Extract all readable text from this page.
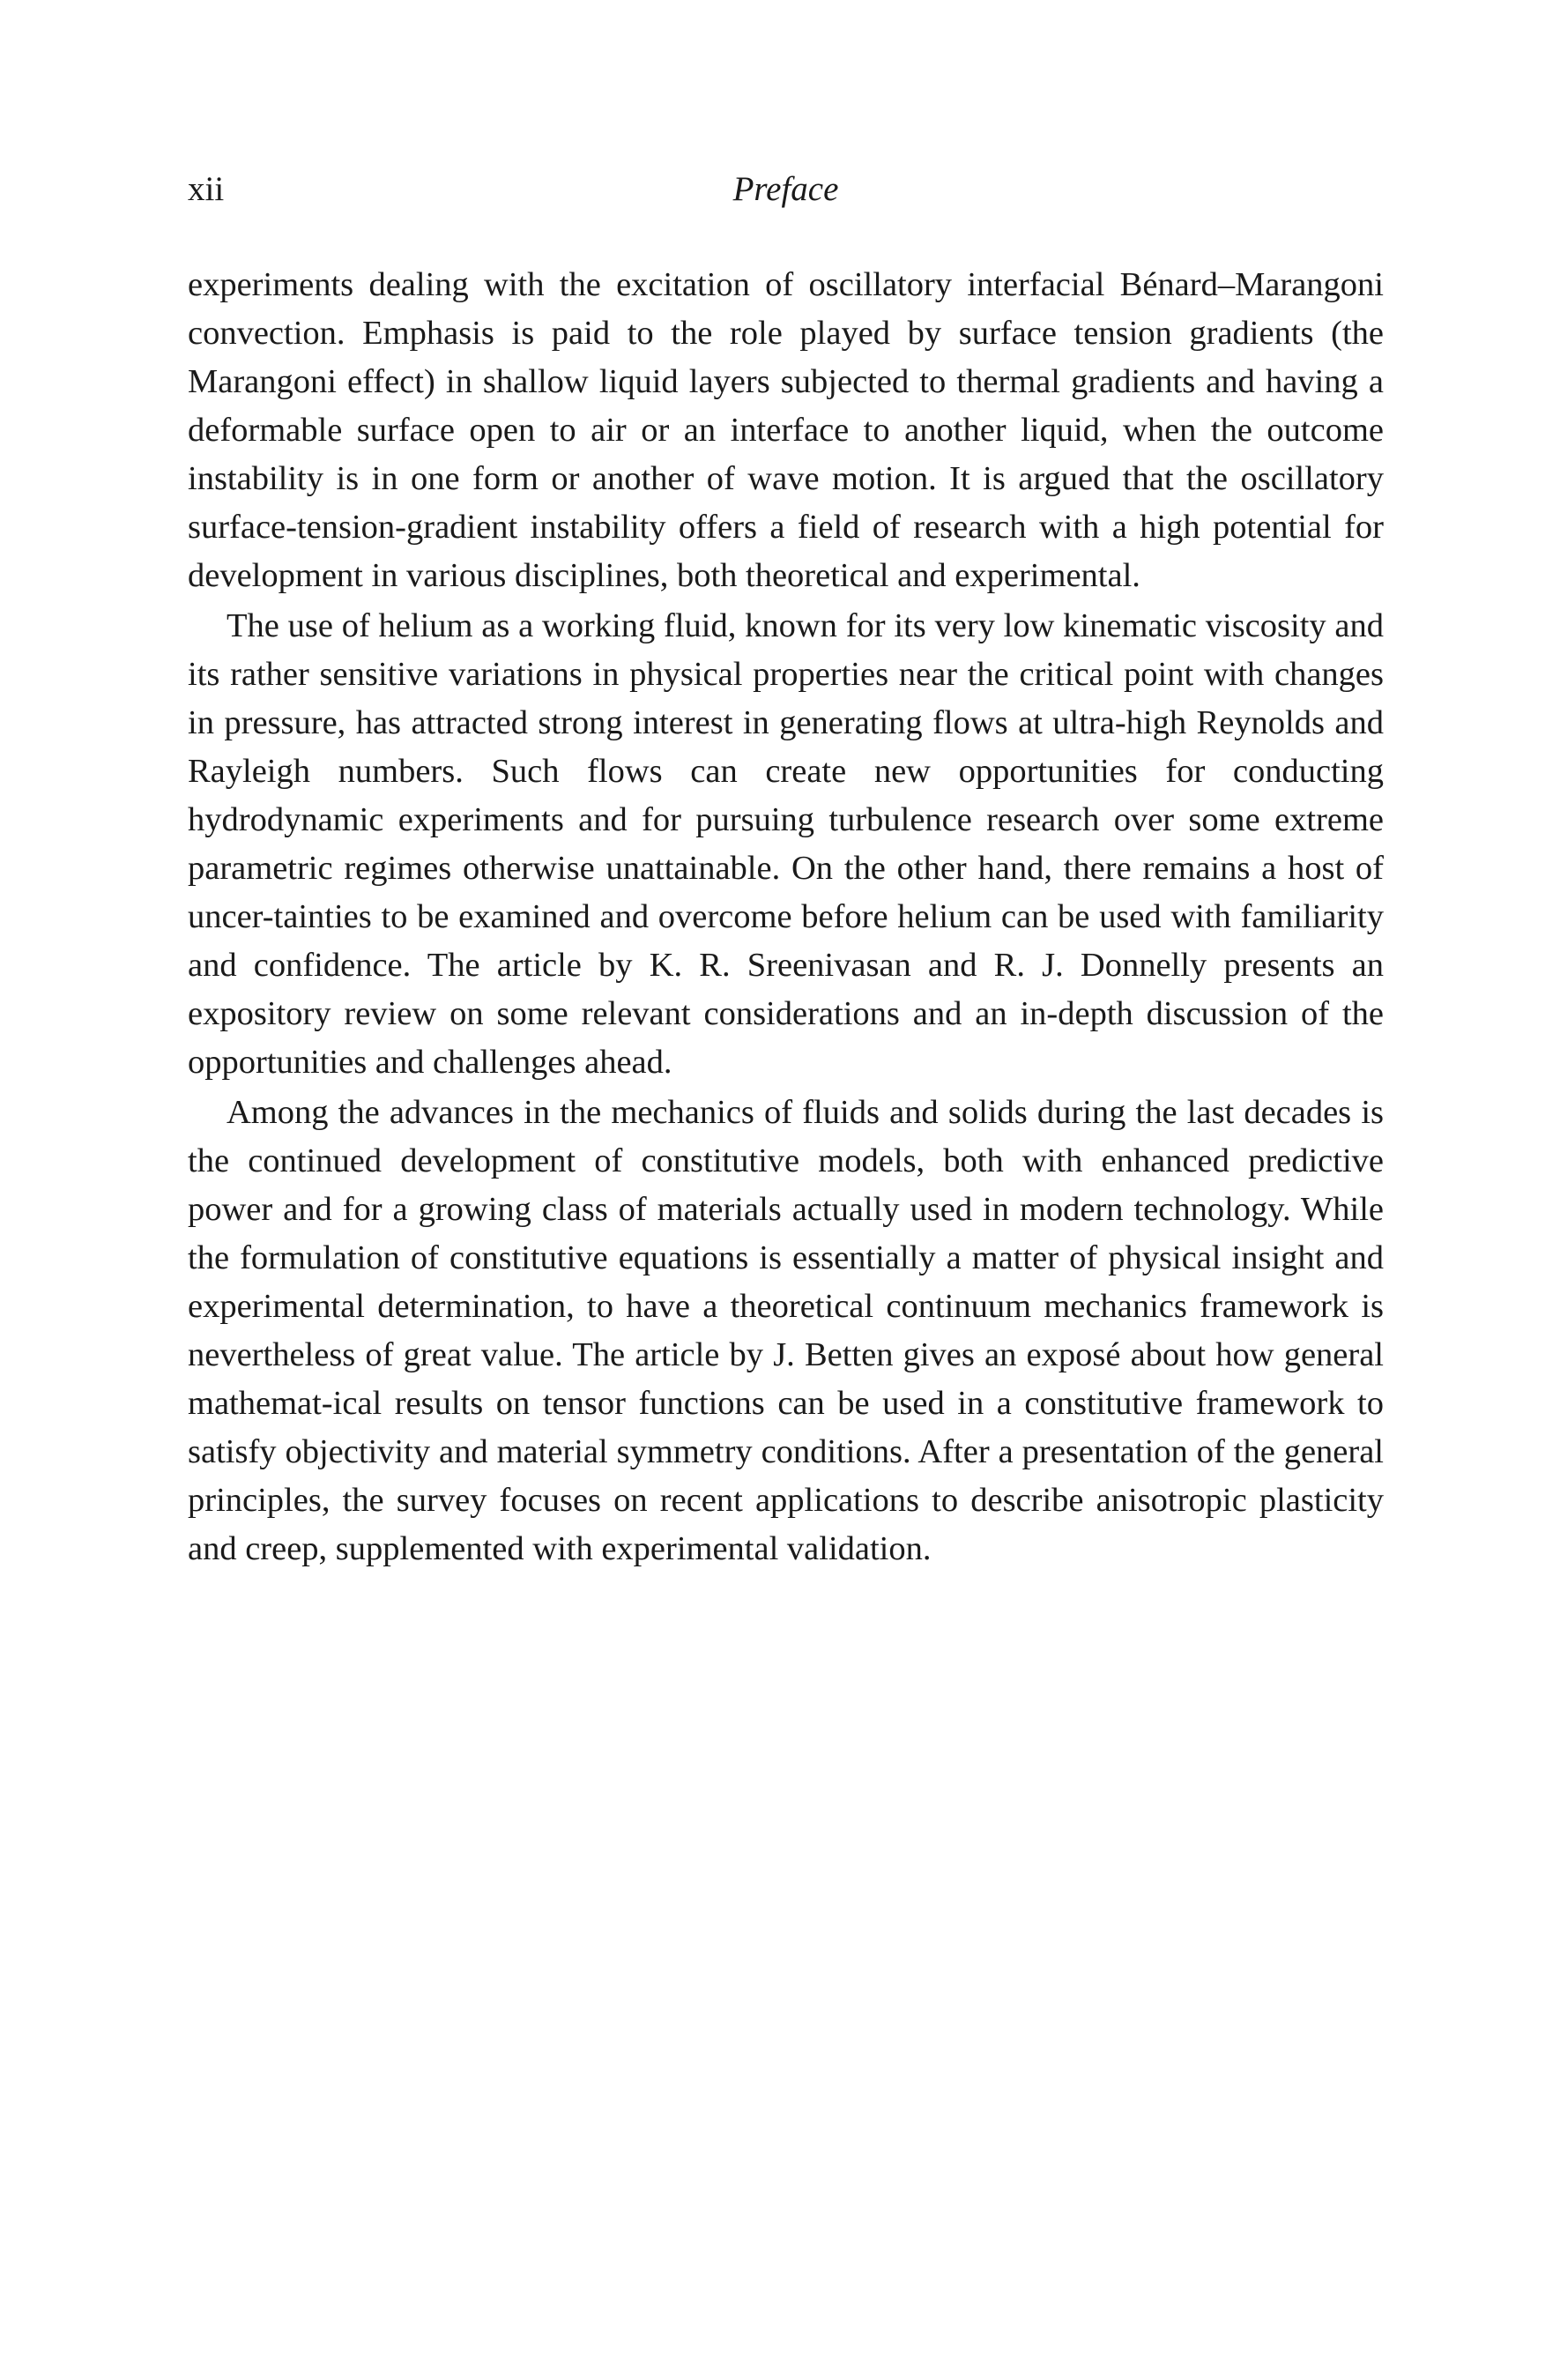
xii	Preface

experiments dealing with the excitation of oscillatory interfacial Bénard–Marangoni convection. Emphasis is paid to the role played by surface tension gradients (the Marangoni effect) in shallow liquid layers subjected to thermal gradients and having a deformable surface open to air or an interface to another liquid, when the outcome instability is in one form or another of wave motion. It is argued that the oscillatory surface-tension-gradient instability offers a field of research with a high potential for development in various disciplines, both theoretical and experimental.

The use of helium as a working fluid, known for its very low kinematic viscosity and its rather sensitive variations in physical properties near the critical point with changes in pressure, has attracted strong interest in generating flows at ultra-high Reynolds and Rayleigh numbers. Such flows can create new opportunities for conducting hydrodynamic experiments and for pursuing turbulence research over some extreme parametric regimes otherwise unattainable. On the other hand, there remains a host of uncer-tainties to be examined and overcome before helium can be used with familiarity and confidence. The article by K. R. Sreenivasan and R. J. Donnelly presents an expository review on some relevant considerations and an in-depth discussion of the opportunities and challenges ahead.

Among the advances in the mechanics of fluids and solids during the last decades is the continued development of constitutive models, both with enhanced predictive power and for a growing class of materials actually used in modern technology. While the formulation of constitutive equations is essentially a matter of physical insight and experimental determination, to have a theoretical continuum mechanics framework is nevertheless of great value. The article by J. Betten gives an exposé about how general mathemat-ical results on tensor functions can be used in a constitutive framework to satisfy objectivity and material symmetry conditions. After a presentation of the general principles, the survey focuses on recent applications to describe anisotropic plasticity and creep, supplemented with experimental validation.
